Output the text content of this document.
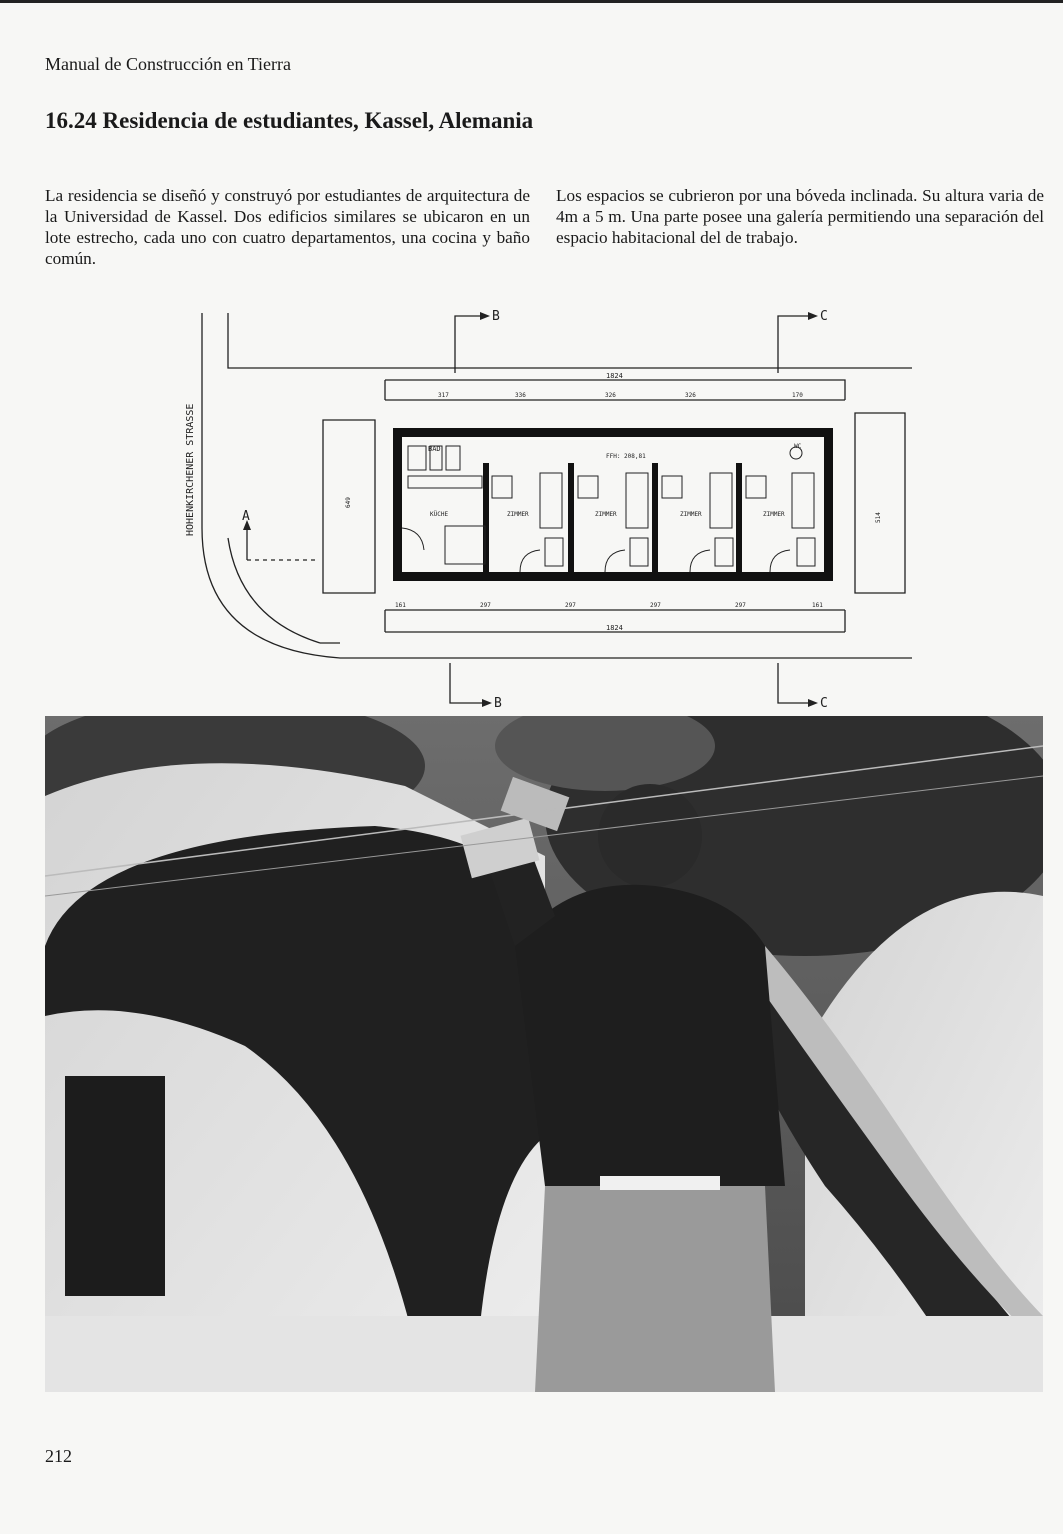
Manual de Construcción en Tierra
16.24 Residencia de estudiantes, Kassel, Alemania
La residencia se diseñó y construyó por estudiantes de arquitectura de la Universidad de Kassel. Dos edificios similares se ubicaron en un lote estrecho, cada uno con cuatro departamentos, una cocina y baño común.
Los espacios se cubrieron por una bóveda inclinada. Su altura varia de 4m a 5 m. Una parte posee una galería permitiendo una separación del espacio habitacional del de trabajo.
HOHENKIRCHENER STRASSE	A
B	C
B	C
1824
1824
317	336	326	326	170
161	297	297	297	297	161
649
514
FFH: 208,81
BAD
KÜCHE	ZIMMER	ZIMMER	ZIMMER	ZIMMER
WC
212
